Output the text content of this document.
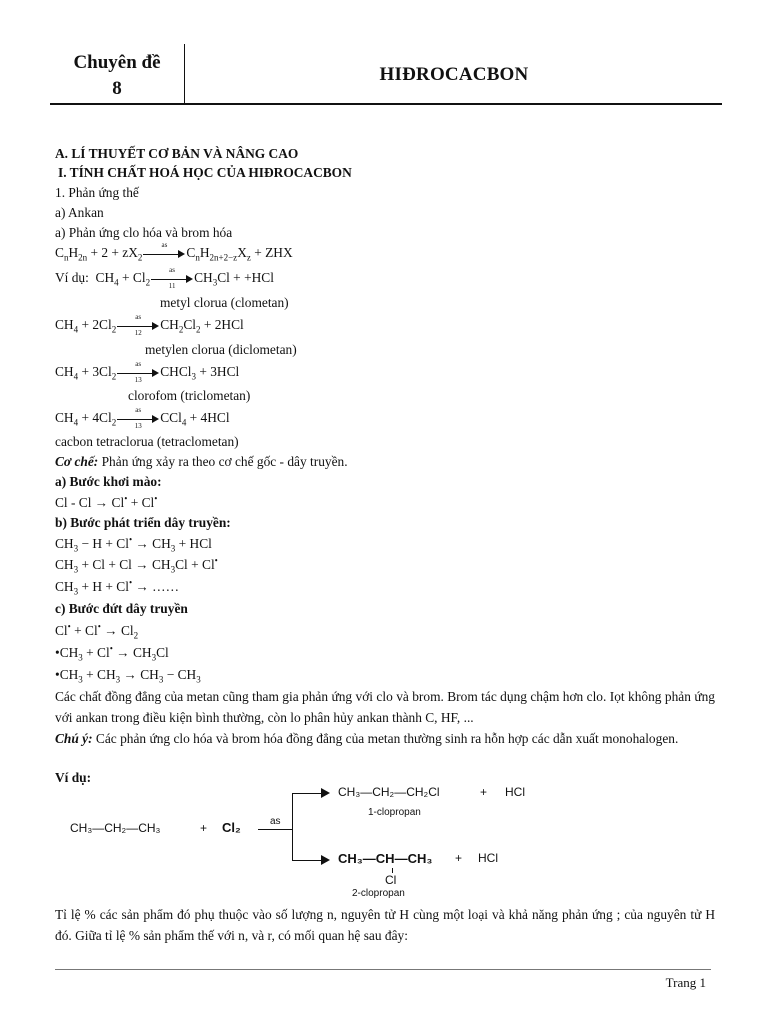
Chuyên đề
8
HIĐROCACBON
A. LÍ THUYẾT CƠ BẢN VÀ NÂNG CAO
I. TÍNH CHẤT HOÁ HỌC CỦA HIĐROCACBON
1. Phản ứng thế
a) Ankan
a) Phản ứng clo hóa và brom hóa
$C_nH_{2n} + 2 + zX_2$
as
$C_nH_{2n+2-z}X_z$ + ZHX
Ví dụ:  $CH_4 + Cl_2$
as
11
$CH_3Cl + +HCl$
metyl clorua (clometan)
$CH_4 + 2Cl_2$
as
12
$CH_2Cl_2 + 2HCl$
metylen clorua (diclometan)
$CH_4 + 3Cl_2$
as
13
CHCl$_3$ + 3HCl
clorofom (triclometan)
$CH_4 + 4Cl_2$
as
13
CCl$_4$ + 4HCl
cacbon tetraclorua (tetraclometan)
Cơ chế: Phản ứng xảy ra theo cơ chế gốc - dây truyền.
a) Bước khơi mào:
Cl - Cl → Cl• + Cl•
b) Bước phát triển dây truyền:
$CH_3 - H + Cl^• \to CH_3$ + HCl
$CH_3 + Cl + Cl \to CH_3Cl + Cl^•$
$CH_3 + H + Cl^•$ → ……
c) Bước đứt dây truyền
$Cl^• + Cl^• \to Cl_2$
$•CH_3 + Cl^• \to CH_3Cl$
$•CH_3 + CH_3 \to CH_3 - CH_3$
Các chất đồng đẳng của metan cũng tham gia phản ứng với clo và brom. Brom tác dụng chậm hơn clo. Iọt không phản ứng với ankan trong điều kiện bình thường, còn lo phân hủy ankan thành C, HF, ...
Chú ý: Các phản ứng clo hóa và brom hóa đồng đẳng của metan thường sinh ra hỗn hợp các dẫn xuất monohalogen.
Ví dụ:
CH₃—CH₂—CH₃	+ Cl₂	as
CH₃—CH₂—CH₂Cl	+ HCl
1-clopropan
CH₃—CH—CH₃ + HCl
Cl
2-clopropan
Tỉ lệ % các sản phẩm đó phụ thuộc vào số lượng n, nguyên tử H cùng một loại và khả năng phản ứng ; của nguyên tử H đó. Giữa tỉ lệ % sản phẩm thế với n, và r, có mối quan hệ sau đây:
Trang 1
